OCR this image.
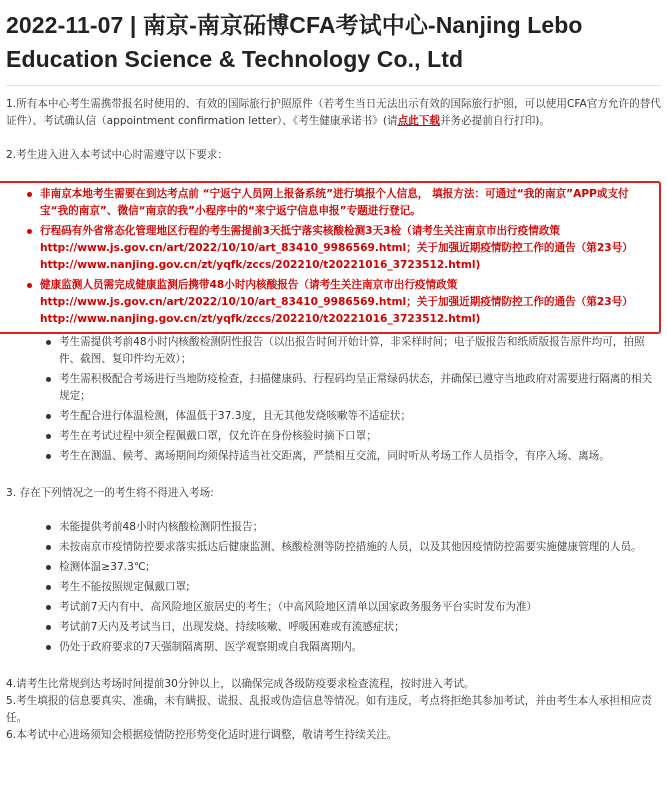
2022-11-07 | 南京-南京砳博CFA考试中心-Nanjing Lebo Education Science & Technology Co., Ltd

1.所有本中心考生需携带报名时使用的、有效的国际旅行护照原件（若考生当日无法出示有效的国际旅行护照，可以使用CFA官方允许的替代证件）、考试确认信（appointment confirmation letter）、《考生健康承诺书》(请点此下载并务必提前自行打印)。

2.考生进入进入本考试中心时需遵守以下要求：

非南京本地考生需要在到达考点前 “宁返宁人员网上报备系统”进行填报个人信息， 填报方法：可通过“我的南京”APP或支付宝“我的南京”、微信“南京的我”小程序中的“来宁返宁信息申报”专题进行登记。
行程码有外省常态化管理地区行程的考生需提前3天抵宁落实核酸检测3天3检（请考生关注南京市出行疫情政策http://www.js.gov.cn/art/2022/10/10/art_83410_9986569.html；关于加强近期疫情防控工作的通告（第23号）http://www.nanjing.gov.cn/zt/yqfk/zccs/202210/t20221016_3723512.html)
健康监测人员需完成健康监测后携带48小时内核酸报告（请考生关注南京市出行疫情政策http://www.js.gov.cn/art/2022/10/10/art_83410_9986569.html；关于加强近期疫情防控工作的通告（第23号）http://www.nanjing.gov.cn/zt/yqfk/zccs/202210/t20221016_3723512.html)
考生需提供考前48小时内核酸检测阴性报告（以出报告时间开始计算，非采样时间；电子版报告和纸质版报告原件均可，拍照件、截图、复印件均无效）；
考生需积极配合考场进行当地防疫检查，扫描健康码、行程码均呈正常绿码状态，并确保已遵守当地政府对需要进行隔离的相关规定；
考生配合进行体温检测，体温低于37.3度，且无其他发烧咳嗽等不适症状；
考生在考试过程中须全程佩戴口罩，仅允许在身份核验时摘下口罩；
考生在测温、候考、离场期间均须保持适当社交距离，严禁相互交流，同时听从考场工作人员指令，有序入场、离场。

3. 存在下列情况之一的考生将不得进入考场:

未能提供考前48小时内核酸检测阴性报告；
未按南京市疫情防控要求落实抵达后健康监测、核酸检测等防控措施的人员，以及其他因疫情防控需要实施健康管理的人员。
检测体温≥37.3℃;
考生不能按照规定佩戴口罩;
考试前7天内有中、高风险地区旅居史的考生；（中高风险地区清单以国家政务服务平台实时发布为准）
考试前7天内及考试当日，出现发烧、持续咳嗽、呼吸困难或有流感症状；
仍处于政府要求的7天强制隔离期、医学观察期或自我隔离期内。

4.请考生比常规到达考场时间提前30分钟以上，以确保完成各级防疫要求检查流程，按时进入考试。

5.考生填报的信息要真实、准确，未有瞒报、谎报、乱报或伪造信息等情况。如有违反，考点将拒绝其参加考试，并由考生本人承担相应责任。

6.本考试中心进场须知会根据疫情防控形势变化适时进行调整，敬请考生持续关注。
